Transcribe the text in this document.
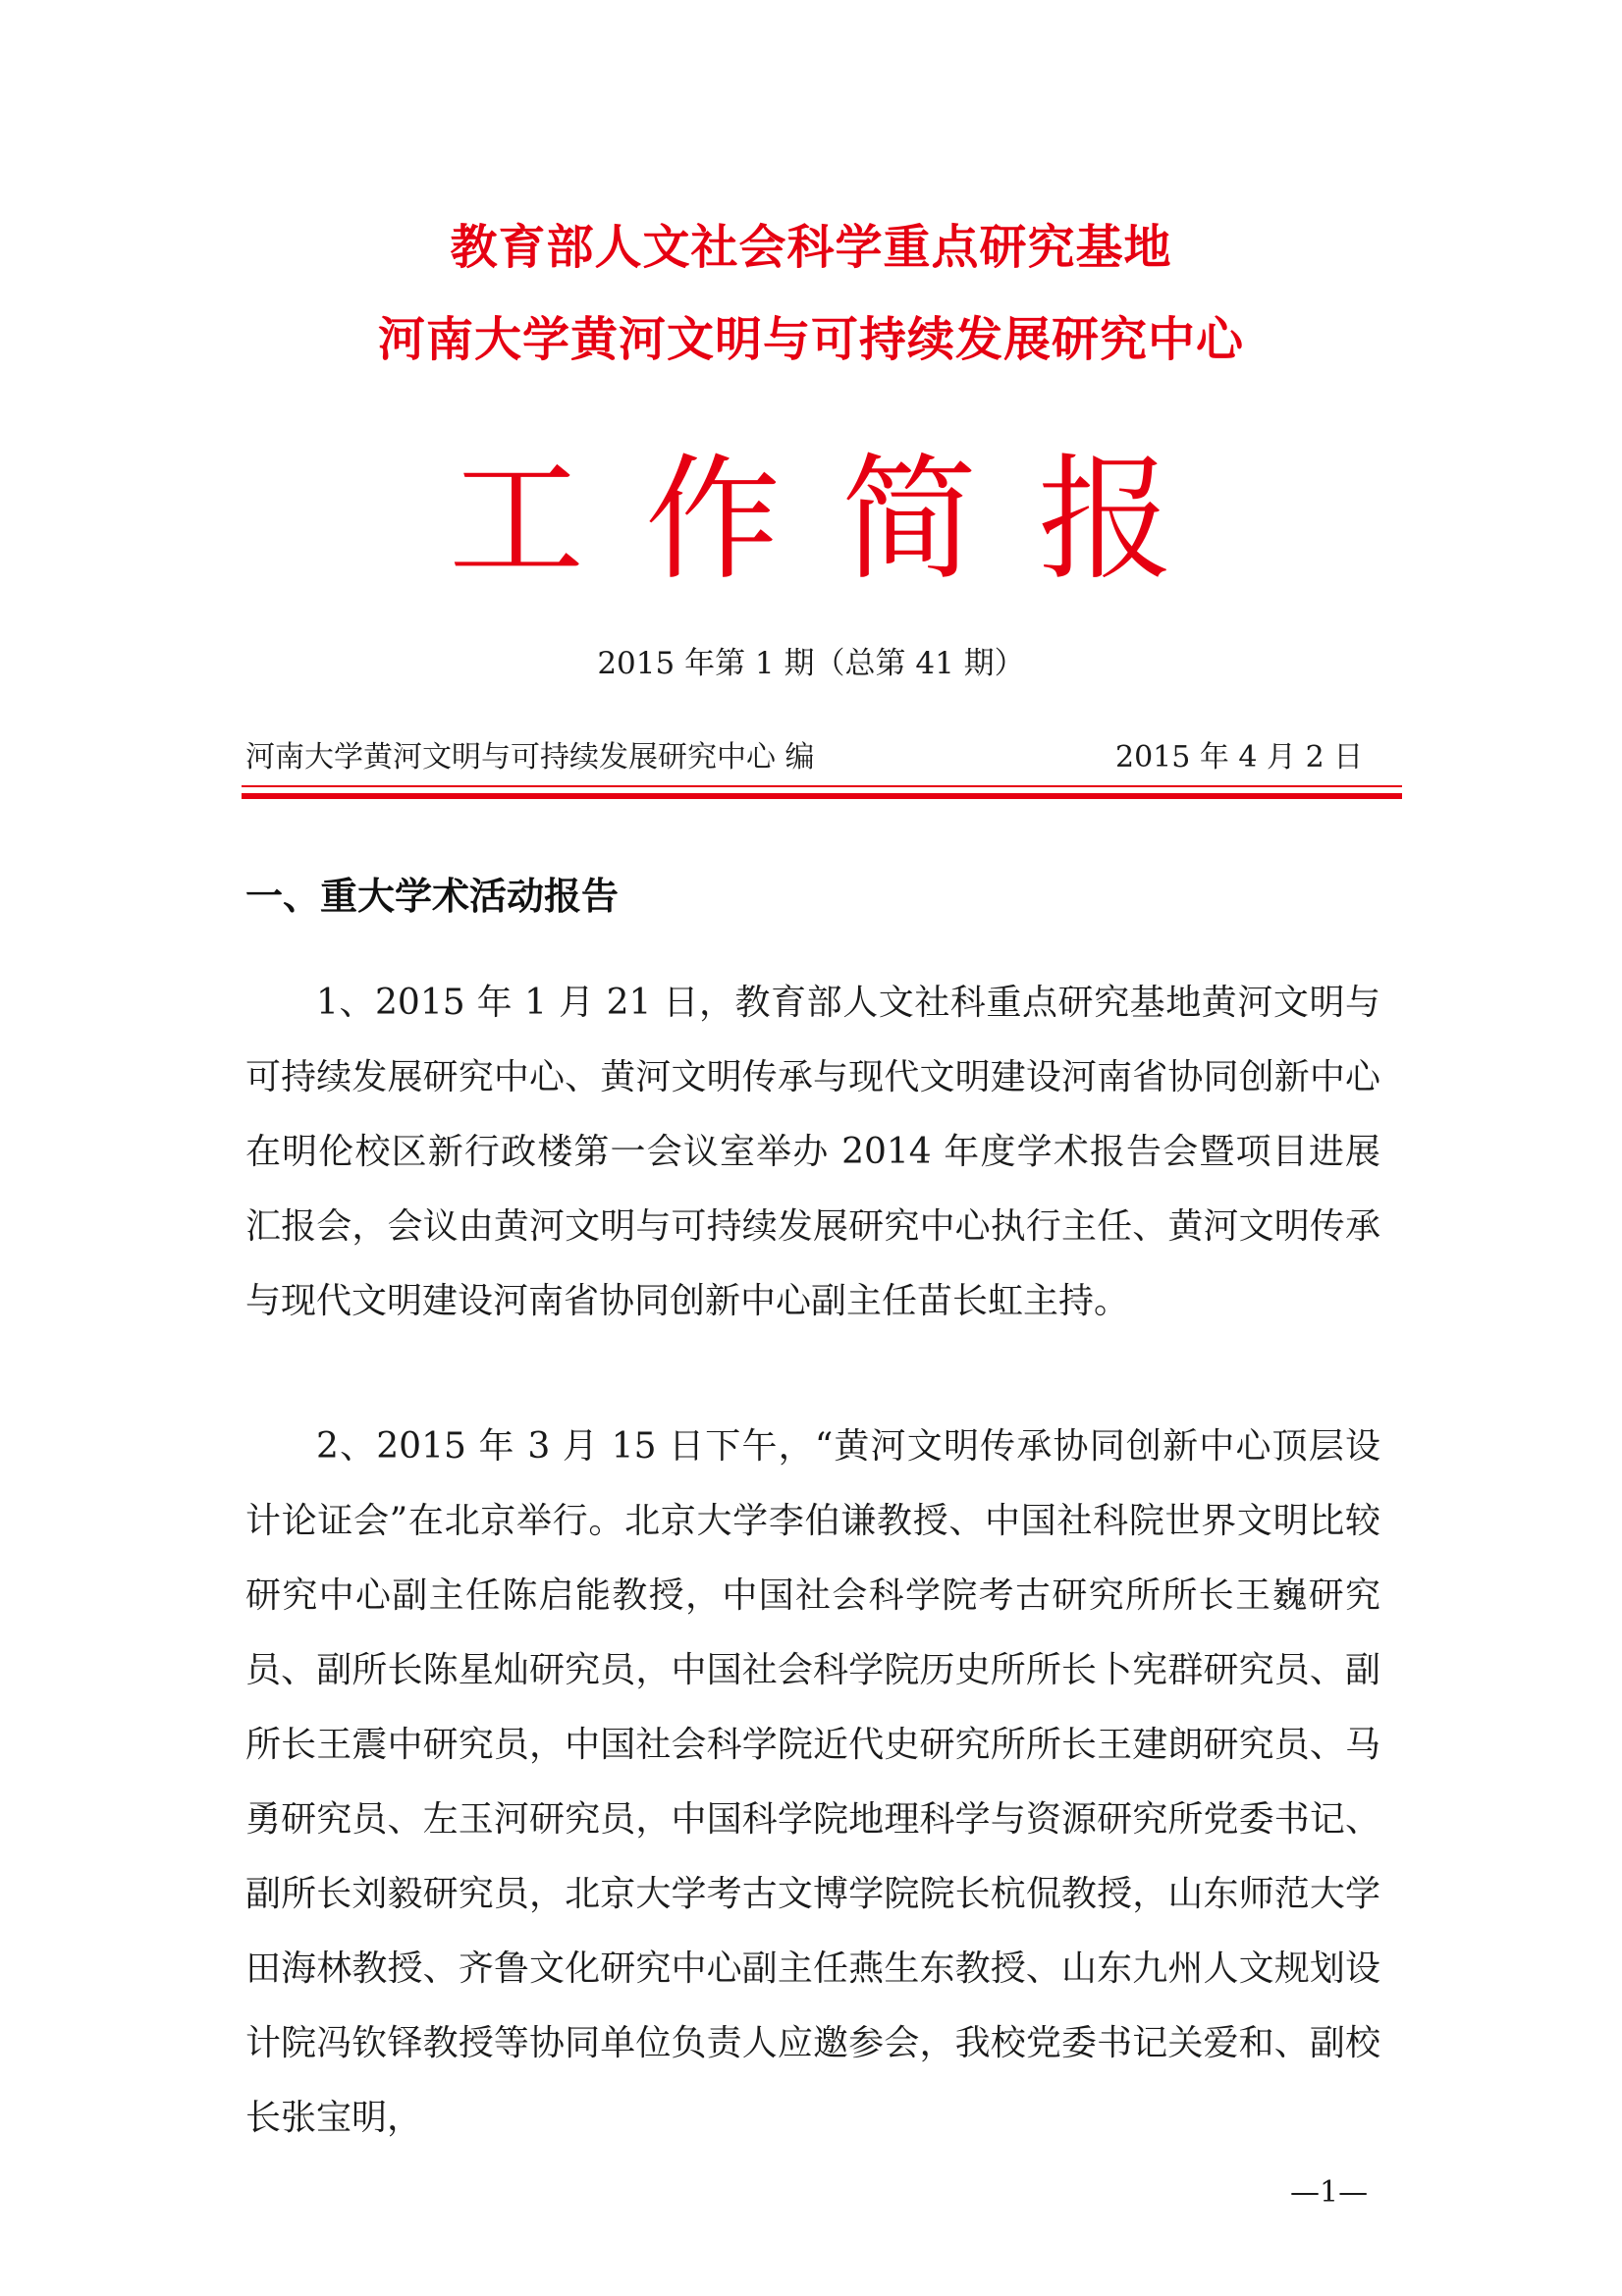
教育部人文社会科学重点研究基地
河南大学黄河文明与可持续发展研究中心
工作简报
2015 年第 1 期（总第 41 期）
河南大学黄河文明与可持续发展研究中心 编	2015 年 4 月 2 日
一、重大学术活动报告

1、2015 年 1 月 21 日，教育部人文社科重点研究基地黄河文明与可持续发展研究中心、黄河文明传承与现代文明建设河南省协同创新中心在明伦校区新行政楼第一会议室举办 2014 年度学术报告会暨项目进展汇报会，会议由黄河文明与可持续发展研究中心执行主任、黄河文明传承与现代文明建设河南省协同创新中心副主任苗长虹主持。

2、2015 年 3 月 15 日下午，“黄河文明传承协同创新中心顶层设计论证会”在北京举行。北京大学李伯谦教授、中国社科院世界文明比较研究中心副主任陈启能教授，中国社会科学院考古研究所所长王巍研究员、副所长陈星灿研究员，中国社会科学院历史所所长卜宪群研究员、副所长王震中研究员，中国社会科学院近代史研究所所长王建朗研究员、马勇研究员、左玉河研究员，中国科学院地理科学与资源研究所党委书记、副所长刘毅研究员，北京大学考古文博学院院长杭侃教授，山东师范大学田海林教授、齐鲁文化研究中心副主任燕生东教授、山东九州人文规划设计院冯钦铎教授等协同单位负责人应邀参会，我校党委书记关爱和、副校长张宝明，

—1—
